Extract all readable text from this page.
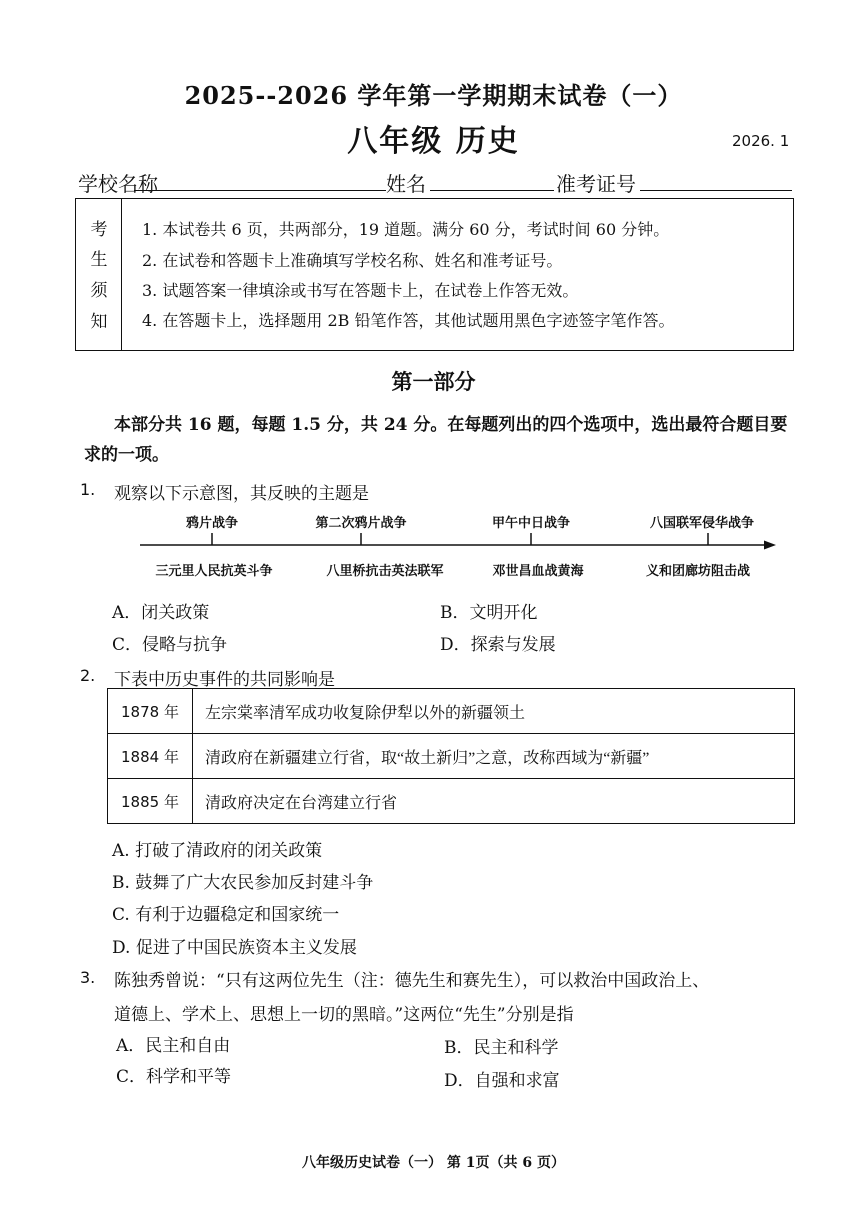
2025--2026 学年第一学期期末试卷（一）
八年级 历史	2026. 1
学校名称	姓名	准考证号
考
生
须
知
1. 本试卷共 6 页，共两部分，19 道题。满分 60 分，考试时间 60 分钟。
2. 在试卷和答题卡上准确填写学校名称、姓名和准考证号。
3. 试题答案一律填涂或书写在答题卡上，在试卷上作答无效。
4. 在答题卡上，选择题用 2B 铅笔作答，其他试题用黑色字迹签字笔作答。
第一部分
本部分共 16 题，每题 1.5 分，共 24 分。在每题列出的四个选项中，选出最符合题目要求的一项。
1. 观察以下示意图，其反映的主题是
鸦片战争	第二次鸦片战争	甲午中日战争	八国联军侵华战争
三元里人民抗英斗争	八里桥抗击英法联军	邓世昌血战黄海	义和团廊坊阻击战
A．闭关政策	B．文明开化
C．侵略与抗争	D．探索与发展
2. 下表中历史事件的共同影响是
1878 年	左宗棠率清军成功收复除伊犁以外的新疆领土
1884 年	清政府在新疆建立行省，取“故土新归”之意，改称西域为“新疆”
1885 年	清政府决定在台湾建立行省
A. 打破了清政府的闭关政策
B. 鼓舞了广大农民参加反封建斗争
C. 有利于边疆稳定和国家统一
D. 促进了中国民族资本主义发展
3. 陈独秀曾说：“只有这两位先生（注：德先生和赛先生），可以救治中国政治上、
道德上、学术上、思想上一切的黑暗。”这两位“先生”分别是指
A．民主和自由	B．民主和科学
C．科学和平等	D．自强和求富
八年级历史试卷（一） 第 1页（共 6 页）
